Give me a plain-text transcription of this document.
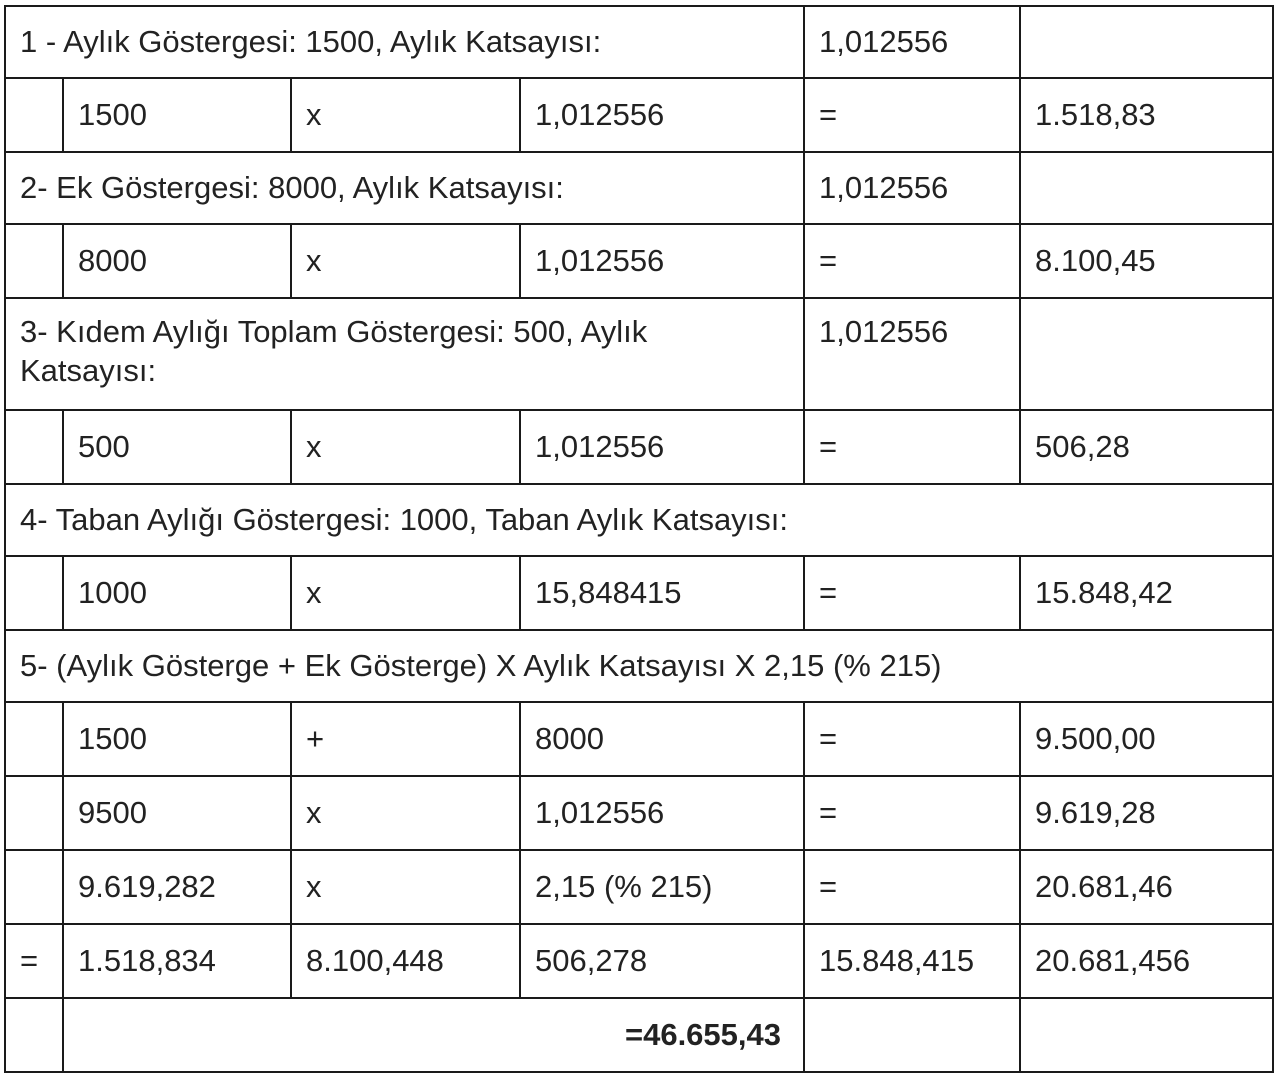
1 - Aylık Göstergesi: 1500, Aylık Katsayısı:				1,012556	
	1500	x	1,012556	=	1.518,83
2- Ek Göstergesi: 8000, Aylık Katsayısı:				1,012556	
	8000	x	1,012556	=	8.100,45
3- Kıdem Aylığı Toplam Göstergesi: 500, Aylık Katsayısı:				1,012556	
	500	x	1,012556	=	506,28
4- Taban Aylığı Göstergesi: 1000, Taban Aylık Katsayısı:					
	1000	x	15,848415	=	15.848,42
5- (Aylık Gösterge + Ek Gösterge) X Aylık Katsayısı X 2,15 (% 215)					
	1500	+	8000	=	9.500,00
	9500	x	1,012556	=	9.619,28
	9.619,282	x	2,15 (% 215)	=	20.681,46
=	1.518,834	8.100,448	506,278	15.848,415	20.681,456
	=46.655,43				
